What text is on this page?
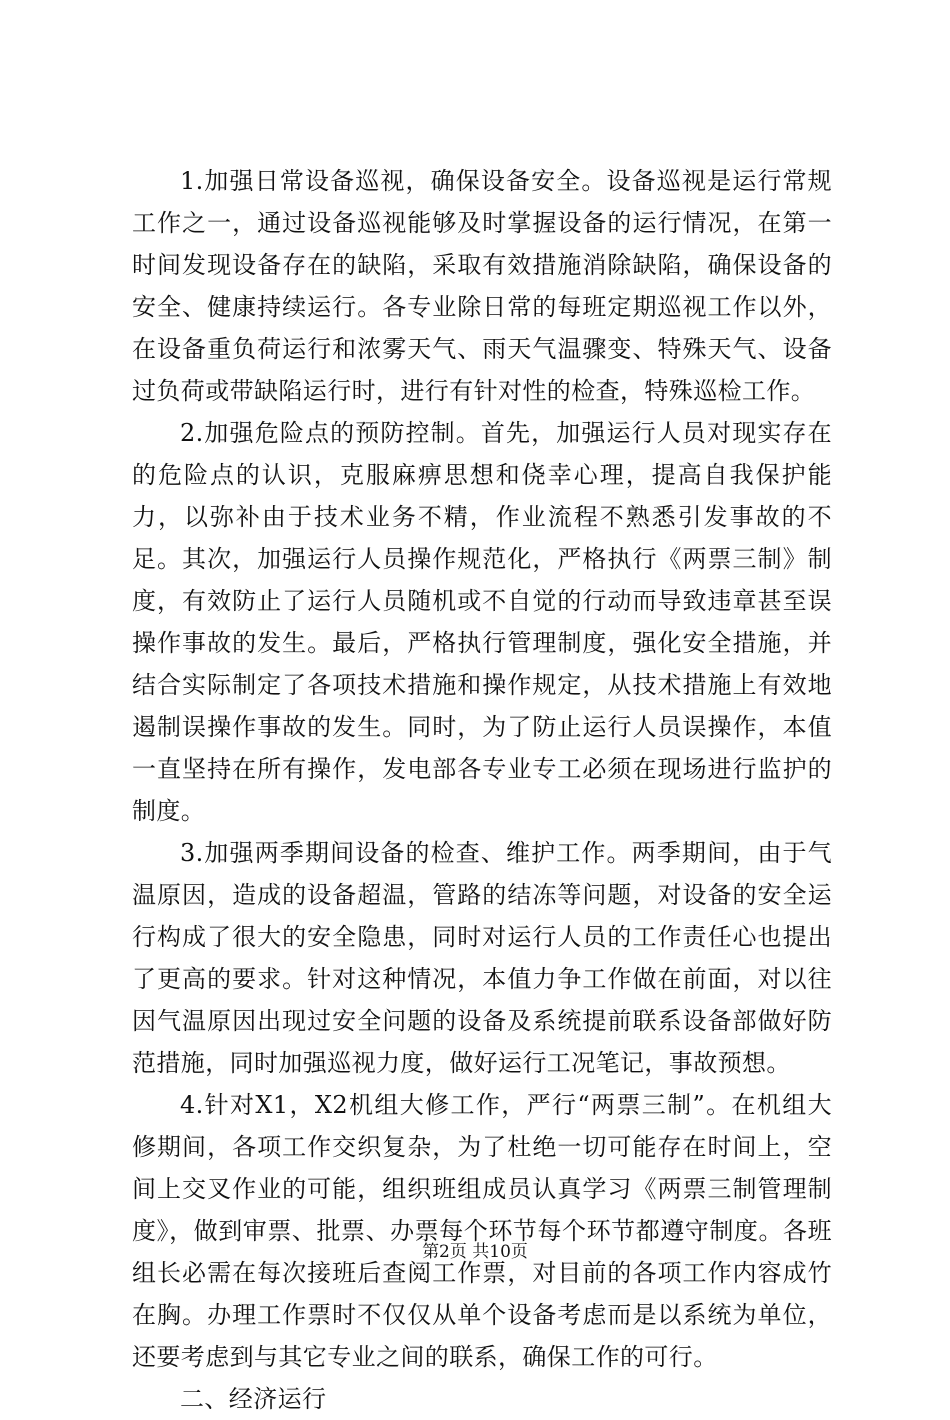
1.加强日常设备巡视，确保设备安全。设备巡视是运行常规工作之一，通过设备巡视能够及时掌握设备的运行情况，在第一时间发现设备存在的缺陷，采取有效措施消除缺陷，确保设备的安全、健康持续运行。各专业除日常的每班定期巡视工作以外，在设备重负荷运行和浓雾天气、雨天气温骤变、特殊天气、设备过负荷或带缺陷运行时，进行有针对性的检查，特殊巡检工作。

2.加强危险点的预防控制。首先，加强运行人员对现实存在的危险点的认识，克服麻痹思想和侥幸心理，提高自我保护能力，以弥补由于技术业务不精，作业流程不熟悉引发事故的不足。其次，加强运行人员操作规范化，严格执行《两票三制》制度，有效防止了运行人员随机或不自觉的行动而导致违章甚至误操作事故的发生。最后，严格执行管理制度，强化安全措施，并结合实际制定了各项技术措施和操作规定，从技术措施上有效地遏制误操作事故的发生。同时，为了防止运行人员误操作，本值一直坚持在所有操作，发电部各专业专工必须在现场进行监护的制度。

3.加强两季期间设备的检查、维护工作。两季期间，由于气温原因，造成的设备超温，管路的结冻等问题，对设备的安全运行构成了很大的安全隐患，同时对运行人员的工作责任心也提出了更高的要求。针对这种情况，本值力争工作做在前面，对以往因气温原因出现过安全问题的设备及系统提前联系设备部做好防范措施，同时加强巡视力度，做好运行工况笔记，事故预想。

4.针对X1，X2机组大修工作，严行“两票三制”。在机组大修期间，各项工作交织复杂，为了杜绝一切可能存在时间上，空间上交叉作业的可能，组织班组成员认真学习《两票三制管理制度》，做到审票、批票、办票每个环节每个环节都遵守制度。各班组长必需在每次接班后查阅工作票，对目前的各项工作内容成竹在胸。办理工作票时不仅仅从单个设备考虑而是以系统为单位，还要考虑到与其它专业之间的联系，确保工作的可行。

二、经济运行

第2页 共10页
